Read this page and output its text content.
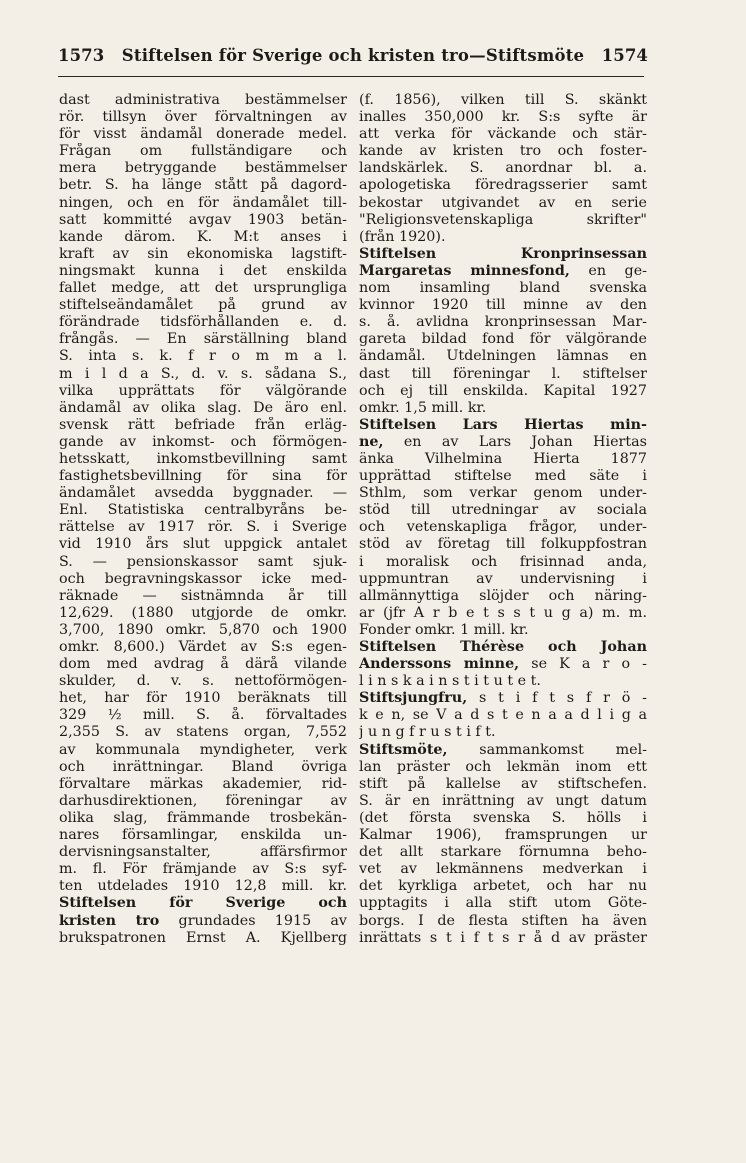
1573 Stiftelsen för Sverige och kristen tro—Stiftsmöte 1574
dast administrativa bestämmelser
rör. tillsyn över förvaltningen av
för visst ändamål donerade medel.
Frågan om fullständigare och
mera betryggande bestämmelser
betr. S. ha länge stått på dagord-
ningen, och en för ändamålet till-
satt kommitté avgav 1903 betän-
kande därom. K. M:t anses i
kraft av sin ekonomiska lagstift-
ningsmakt kunna i det enskilda
fallet medge, att det ursprungliga
stiftelseändamålet på grund av
förändrade tidsförhållanden e. d.
frångås. — En särställning bland
S. inta s. k. f r o m m a l.
m i l d a S., d. v. s. sådana S.,
vilka upprättats för välgörande
ändamål av olika slag. De äro enl.
svensk rätt befriade från erläg-
gande av inkomst- och förmögen-
hetsskatt, inkomstbevillning samt
fastighetsbevillning för sina för
ändamålet avsedda byggnader. —
Enl. Statistiska centralbyråns be-
rättelse av 1917 rör. S. i Sverige
vid 1910 års slut uppgick antalet
S. — pensionskassor samt sjuk-
och begravningskassor icke med-
räknade — sistnämnda år till
12,629. (1880 utgjorde de omkr.
3,700, 1890 omkr. 5,870 och 1900
omkr. 8,600.) Värdet av S:s egen-
dom med avdrag å därå vilande
skulder, d. v. s. nettoförmögen-
het, har för 1910 beräknats till
329 ½ mill. S. å. förvaltades
2,355 S. av statens organ, 7,552
av kommunala myndigheter, verk
och inrättningar. Bland övriga
förvaltare märkas akademier, rid-
darhusdirektionen, föreningar av
olika slag, främmande trosbekän-
nares församlingar, enskilda un-
dervisningsanstalter, affärsfirmor
m. fl. För främjande av S:s syf-
ten utdelades 1910 12,8 mill. kr.
Stiftelsen för Sverige och
kristen tro grundades 1915 av
brukspatronen Ernst A. Kjellberg
(f. 1856), vilken till S. skänkt
inalles 350,000 kr. S:s syfte är
att verka för väckande och stär-
kande av kristen tro och foster-
landskärlek. S. anordnar bl. a.
apologetiska föredragsserier samt
bekostar utgivandet av en serie
"Religionsvetenskapliga skrifter"
(från 1920).
Stiftelsen Kronprinsessan
Margaretas minnesfond, en ge-
nom insamling bland svenska
kvinnor 1920 till minne av den
s. å. avlidna kronprinsessan Mar-
gareta bildad fond för välgörande
ändamål. Utdelningen lämnas en
dast till föreningar l. stiftelser
och ej till enskilda. Kapital 1927
omkr. 1,5 mill. kr.
Stiftelsen Lars Hiertas min-
ne, en av Lars Johan Hiertas
änka Vilhelmina Hierta 1877
upprättad stiftelse med säte i
Sthlm, som verkar genom under-
stöd till utredningar av sociala
och vetenskapliga frågor, under-
stöd av företag till folkuppfostran
i moralisk och frisinnad anda,
uppmuntran av undervisning i
allmännyttiga slöjder och näring-
ar (jfr A r b e t s s t u g a) m. m.
Fonder omkr. 1 mill. kr.
Stiftelsen Thérèse och Johan
Anderssons minne, se K a r o -
l i n s k a i n s t i t u t e t.
Stiftsjungfru, s t i f t s f r ö -
k e n, se V a d s t e n a a d l i g a
j u n g f r u s t i f t.
Stiftsmöte, sammankomst mel-
lan präster och lekmän inom ett
stift på kallelse av stiftschefen.
S. är en inrättning av ungt datum
(det första svenska S. hölls i
Kalmar 1906), framsprungen ur
det allt starkare förnumna beho-
vet av lekmännens medverkan i
det kyrkliga arbetet, och har nu
upptagits i alla stift utom Göte-
borgs. I de flesta stiften ha även
inrättats s t i f t s r å d av präster
